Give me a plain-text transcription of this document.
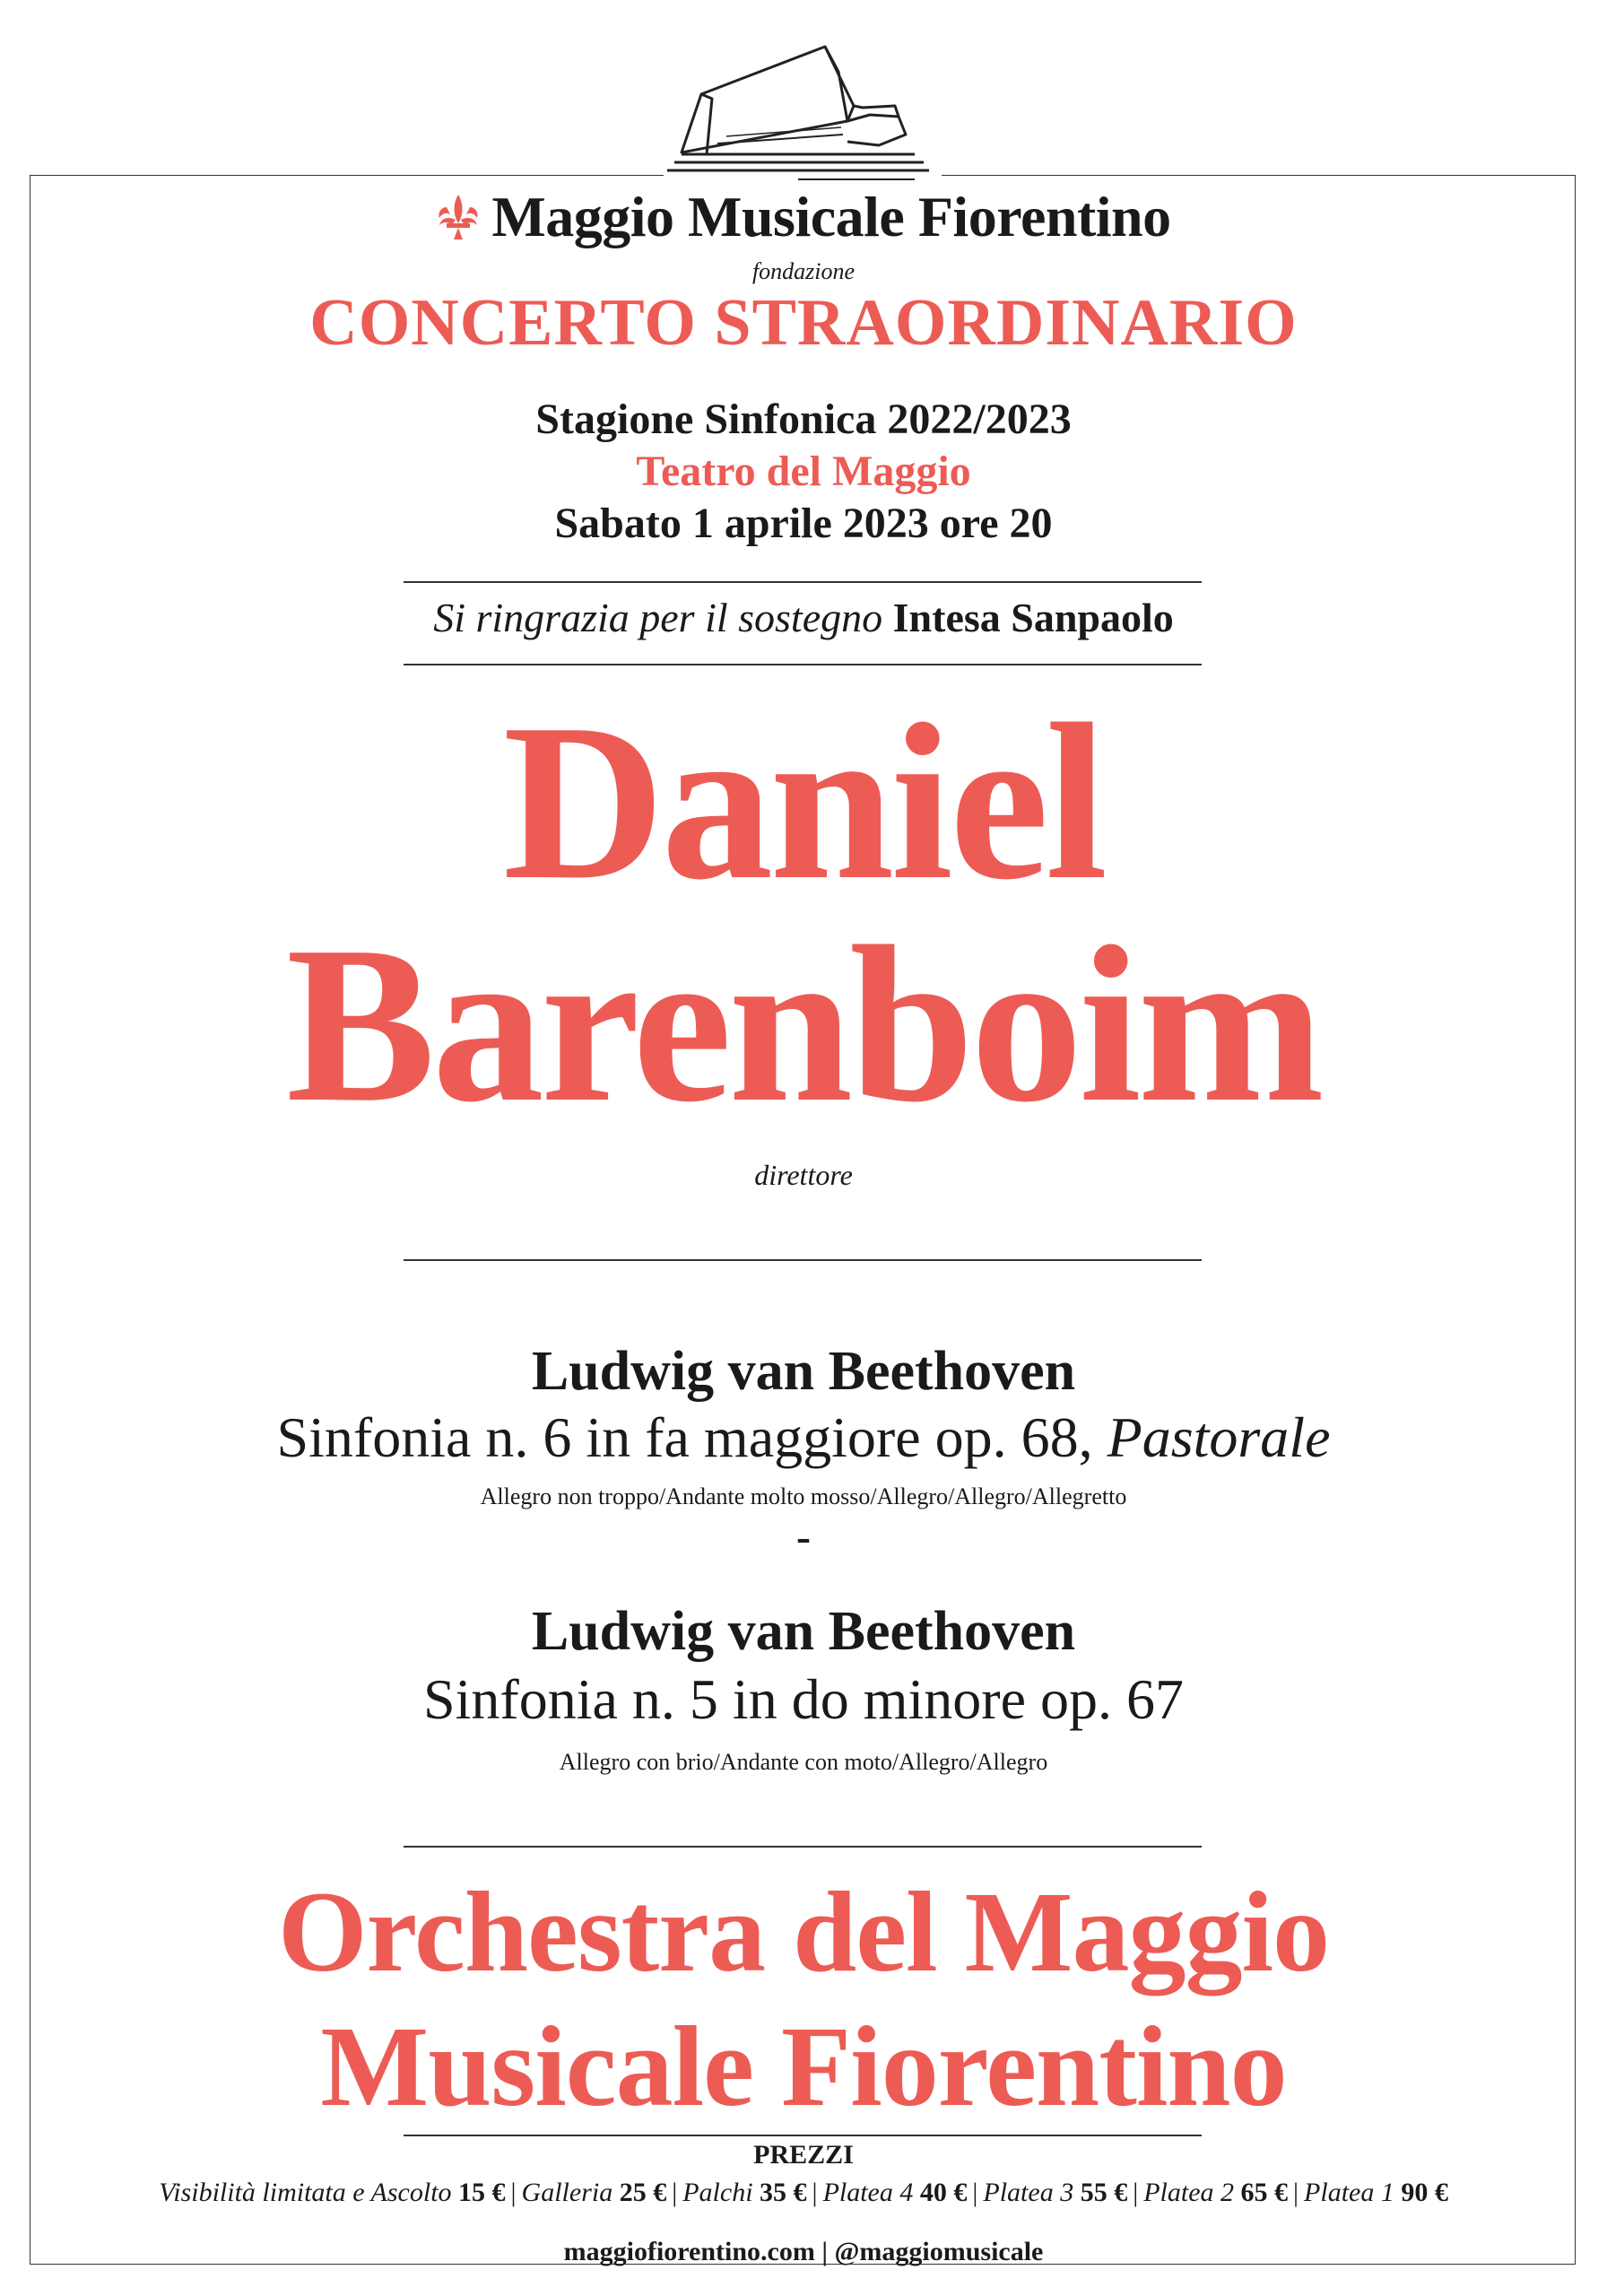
Maggio Musicale Fiorentino
fondazione
CONCERTO STRAORDINARIO
Stagione Sinfonica 2022/2023
Teatro del Maggio
Sabato 1 aprile 2023 ore 20
Si ringrazia per il sostegno Intesa Sanpaolo
Daniel
Barenboim
direttore
Ludwig van Beethoven
Sinfonia n. 6 in fa maggiore op. 68, Pastorale
Allegro non troppo/Andante molto mosso/Allegro/Allegro/Allegretto
-
Ludwig van Beethoven
Sinfonia n. 5 in do minore op. 67
Allegro con brio/Andante con moto/Allegro/Allegro
Orchestra del Maggio
Musicale Fiorentino
PREZZI
Visibilità limitata e Ascolto 15 € | Galleria 25 € | Palchi 35 € | Platea 4 40 € | Platea 3 55 € | Platea 2 65 € | Platea 1 90 €
maggiofiorentino.com | @maggiomusicale
